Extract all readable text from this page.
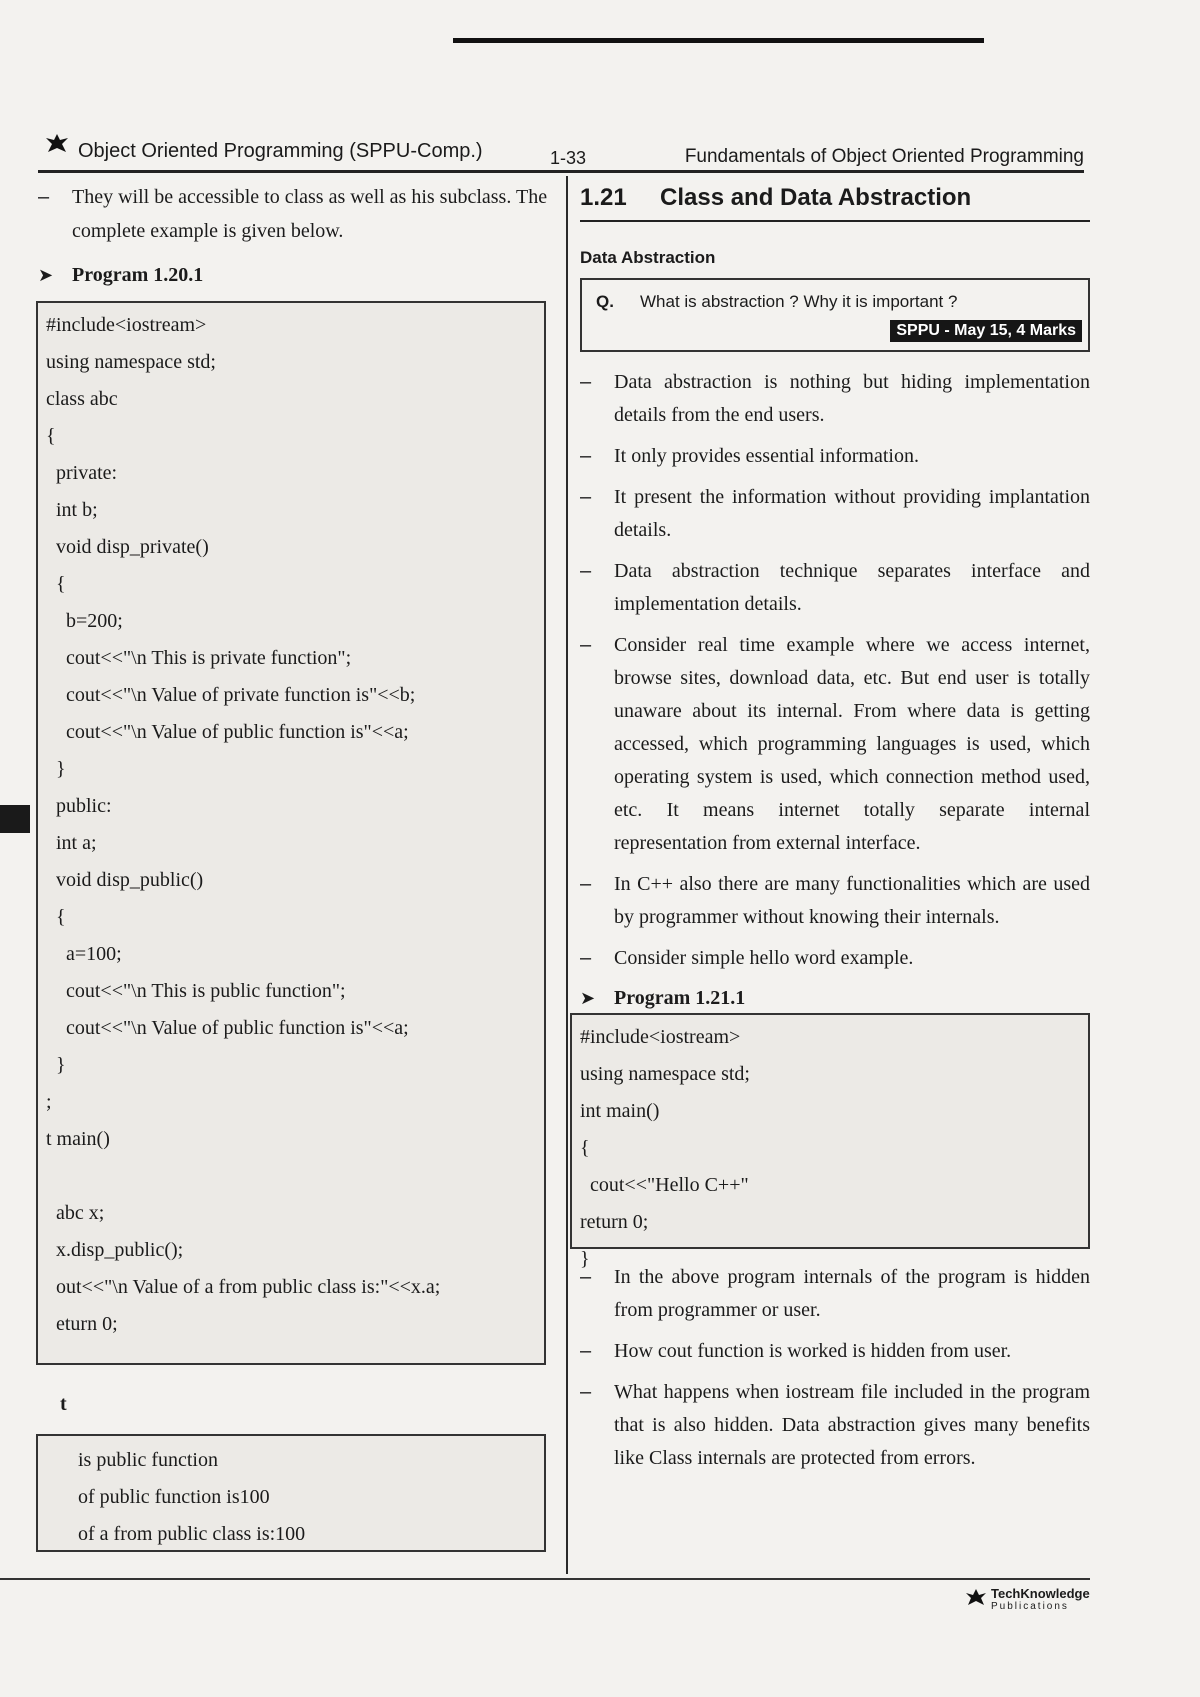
Object Oriented Programming (SPPU-Comp.)	1-33	Fundamentals of Object Oriented Programming
–	They will be accessible to class as well as his subclass. The complete example is given below.
➤ Program 1.20.1
#include<iostream>
using namespace std;
class abc
{
private:
int b;
void disp_private()
{
b=200;
cout<<"\n This is private function";
cout<<"\n Value of private function is"<<b;
cout<<"\n Value of public function is"<<a;
}
public:
int a;
void disp_public()
{
a=100;
cout<<"\n This is public function";
cout<<"\n Value of public function is"<<a;
}
;
t main()
abc x;
x.disp_public();
out<<"\n Value of a from public class is:"<<x.a;
eturn 0;
t
is public function
of public function is100
of a from public class is:100
1.21 Class and Data Abstraction
Data Abstraction
Q. What is abstraction ? Why it is important ?
SPPU - May 15, 4 Marks
–	Data abstraction is nothing but hiding implementation details from the end users.
–	It only provides essential information.
–	It present the information without providing implantation details.
–	Data abstraction technique separates interface and implementation details.
–	Consider real time example where we access internet, browse sites, download data, etc. But end user is totally unaware about its internal. From where data is getting accessed, which programming languages is used, which operating system is used, which connection method used, etc. It means internet totally separate internal representation from external interface.
–	In C++ also there are many functionalities which are used by programmer without knowing their internals.
–	Consider simple hello word example.
➤ Program 1.21.1
#include<iostream>
using namespace std;
int main()
{
cout<<"Hello C++"
return 0;
}
–	In the above program internals of the program is hidden from programmer or user.
–	How cout function is worked is hidden from user.
–	What happens when iostream file included in the program that is also hidden. Data abstraction gives many benefits like Class internals are protected from errors.
TechKnowledge
Publications
